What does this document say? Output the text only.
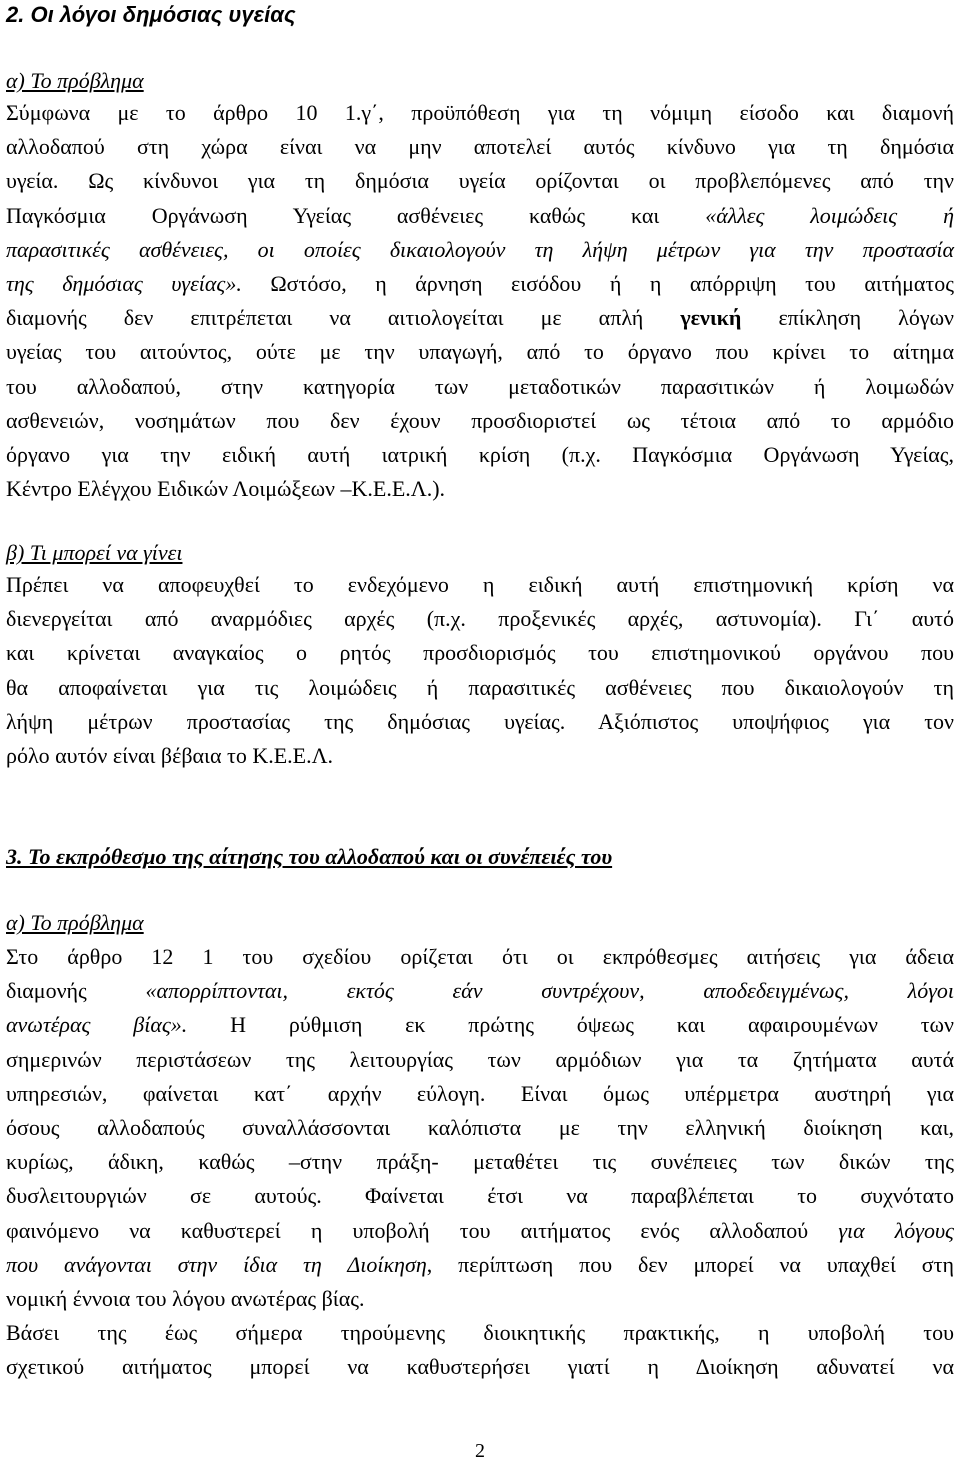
2. Οι λόγοι δημόσιας υγείας
α) Το πρόβλημα
Σύμφωνα με το άρθρο 10 1.γ΄, προϋπόθεση για τη νόμιμη είσοδο και διαμονή
αλλοδαπού στη χώρα είναι να μην αποτελεί αυτός κίνδυνο για τη δημόσια
υγεία. Ως κίνδυνοι για τη δημόσια υγεία ορίζονται οι προβλεπόμενες από την
Παγκόσμια Οργάνωση Υγείας ασθένειες καθώς και «άλλες λοιμώδεις ή
παρασιτικές ασθένειες, οι οποίες δικαιολογούν τη λήψη μέτρων για την προστασία
της δημόσιας υγείας». Ωστόσο, η άρνηση εισόδου ή η απόρριψη του αιτήματος
διαμονής δεν επιτρέπεται να αιτιολογείται με απλή γενική επίκληση λόγων
υγείας του αιτούντος, ούτε με την υπαγωγή, από το όργανο που κρίνει το αίτημα
του αλλοδαπού, στην κατηγορία των μεταδοτικών παρασιτικών ή λοιμωδών
ασθενειών, νοσημάτων που δεν έχουν προσδιοριστεί ως τέτοια από το αρμόδιο
όργανο για την ειδική αυτή ιατρική κρίση (π.χ. Παγκόσμια Οργάνωση Υγείας,
Κέντρο Ελέγχου Ειδικών Λοιμώξεων –Κ.Ε.Ε.Λ.).
β) Τι μπορεί να γίνει
Πρέπει να αποφευχθεί το ενδεχόμενο η ειδική αυτή επιστημονική κρίση να
διενεργείται από αναρμόδιες αρχές (π.χ. προξενικές αρχές, αστυνομία). Γι΄ αυτό
και κρίνεται αναγκαίος ο ρητός προσδιορισμός του επιστημονικού οργάνου που
θα αποφαίνεται για τις λοιμώδεις ή παρασιτικές ασθένειες που δικαιολογούν τη
λήψη μέτρων προστασίας της δημόσιας υγείας. Αξιόπιστος υποψήφιος για τον
ρόλο αυτόν είναι βέβαια το Κ.Ε.Ε.Λ.
3. Το εκπρόθεσμο της αίτησης του αλλοδαπού και οι συνέπειές του
α) Το πρόβλημα
Στο άρθρο 12 1 του σχεδίου ορίζεται ότι οι εκπρόθεσμες αιτήσεις για άδεια
διαμονής «απορρίπτονται, εκτός εάν συντρέχουν, αποδεδειγμένως, λόγοι
ανωτέρας βίας». Η ρύθμιση εκ πρώτης όψεως και αφαιρουμένων των
σημερινών περιστάσεων της λειτουργίας των αρμόδιων για τα ζητήματα αυτά
υπηρεσιών, φαίνεται κατ΄ αρχήν εύλογη. Είναι όμως υπέρμετρα αυστηρή για
όσους αλλοδαπούς συναλλάσσονται καλόπιστα με την ελληνική διοίκηση και,
κυρίως, άδικη, καθώς –στην πράξη- μεταθέτει τις συνέπειες των δικών της
δυσλειτουργιών σε αυτούς. Φαίνεται έτσι να παραβλέπεται το συχνότατο
φαινόμενο να καθυστερεί η υποβολή του αιτήματος ενός αλλοδαπού για λόγους
που ανάγονται στην ίδια τη Διοίκηση, περίπτωση που δεν μπορεί να υπαχθεί στη
νομική έννοια του λόγου ανωτέρας βίας.
Βάσει της έως σήμερα τηρούμενης διοικητικής πρακτικής, η υποβολή του
σχετικού αιτήματος μπορεί να καθυστερήσει γιατί η Διοίκηση αδυνατεί να
2
